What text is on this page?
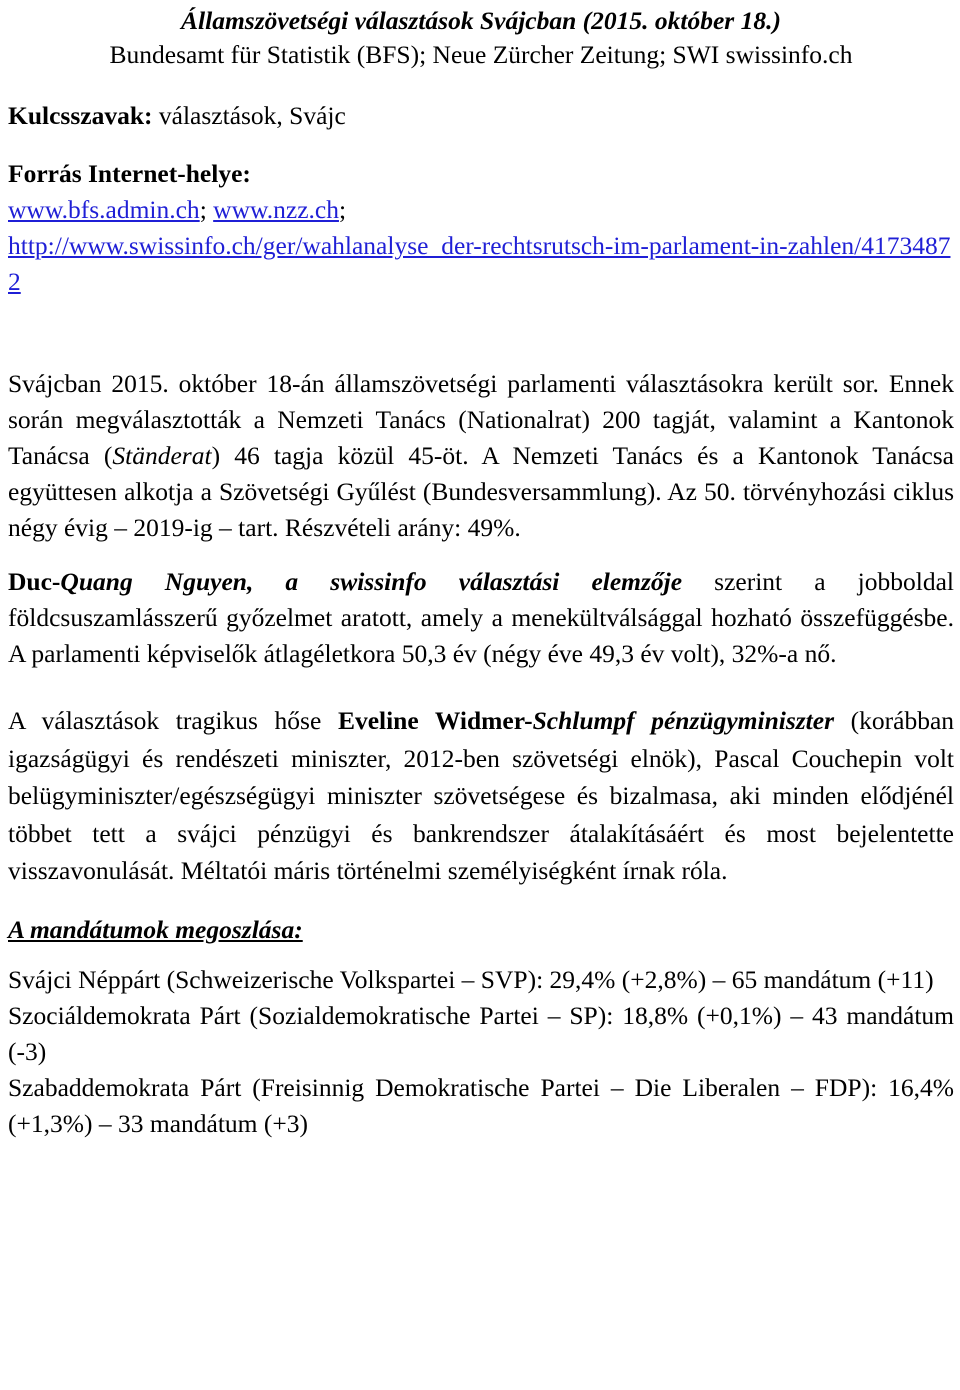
Államszövetségi választások Svájcban (2015. október 18.)
Bundesamt für Statistik (BFS); Neue Zürcher Zeitung; SWI swissinfo.ch

Kulcsszavak: választások, Svájc

Forrás Internet-helye:
www.bfs.admin.ch; www.nzz.ch;
http://www.swissinfo.ch/ger/wahlanalyse_der-rechtsrutsch-im-parlament-in-zahlen/41734872

Svájcban 2015. október 18-án államszövetségi parlamenti választásokra került sor. Ennek során megválasztották a Nemzeti Tanács (Nationalrat) 200 tagját, valamint a Kantonok Tanácsa (Ständerat) 46 tagja közül 45-öt. A Nemzeti Tanács és a Kantonok Tanácsa együttesen alkotja a Szövetségi Gyűlést (Bundesversammlung). Az 50. törvényhozási ciklus négy évig – 2019-ig – tart. Részvételi arány: 49%.

Duc-Quang Nguyen, a swissinfo választási elemzője szerint a jobboldal földcsuszamlásszerű győzelmet aratott, amely a menekültválsággal hozható összefüggésbe. A parlamenti képviselők átlagéletkora 50,3 év (négy éve 49,3 év volt), 32%-a nő.

A választások tragikus hőse Eveline Widmer-Schlumpf pénzügyminiszter (korábban igazságügyi és rendészeti miniszter, 2012-ben szövetségi elnök), Pascal Couchepin volt belügyminiszter/egészségügyi miniszter szövetségese és bizalmasa, aki minden elődjénél többet tett a svájci pénzügyi és bankrendszer átalakításáért és most bejelentette visszavonulását. Méltatói máris történelmi személyiségként írnak róla.

A mandátumok megoszlása:
Svájci Néppárt (Schweizerische Volkspartei – SVP): 29,4% (+2,8%) – 65 mandátum (+11)
Szociáldemokrata Párt (Sozialdemokratische Partei – SP): 18,8% (+0,1%) – 43 mandátum (-3)
Szabaddemokrata Párt (Freisinnig Demokratische Partei – Die Liberalen – FDP): 16,4% (+1,3%) – 33 mandátum (+3)
